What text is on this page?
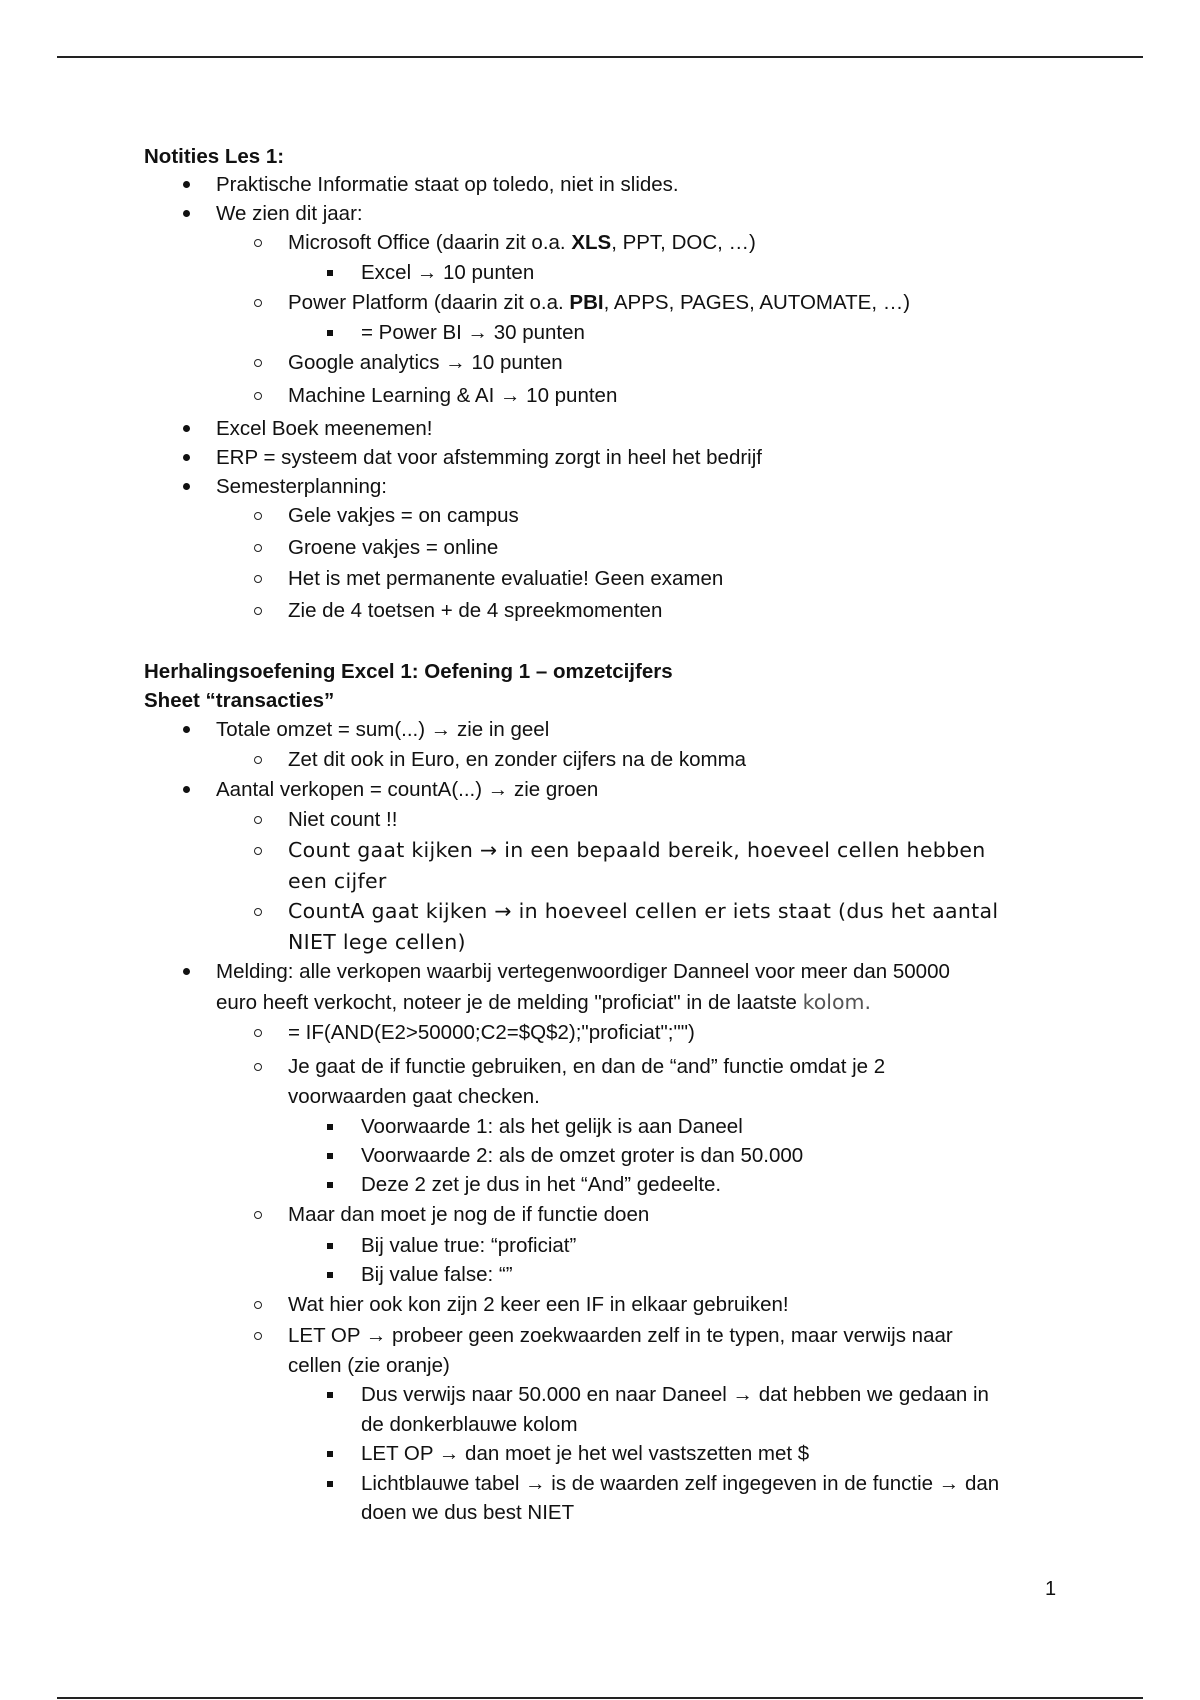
Notities Les 1:
Praktische Informatie staat op toledo, niet in slides.
We zien dit jaar:
Microsoft Office (daarin zit o.a. XLS, PPT, DOC, …)
Excel → 10 punten
Power Platform (daarin zit o.a. PBI, APPS, PAGES, AUTOMATE, …)
= Power BI → 30 punten
Google analytics → 10 punten
Machine Learning & AI → 10 punten
Excel Boek meenemen!
ERP = systeem dat voor afstemming zorgt in heel het bedrijf
Semesterplanning:
Gele vakjes = on campus
Groene vakjes = online
Het is met permanente evaluatie! Geen examen
Zie de 4 toetsen + de 4 spreekmomenten
Herhalingsoefening Excel 1: Oefening 1 – omzetcijfers
Sheet “transacties”
Totale omzet = sum(...) → zie in geel
Zet dit ook in Euro, en zonder cijfers na de komma
Aantal verkopen = countA(...) → zie groen
Niet count !!
Count gaat kijken → in een bepaald bereik, hoeveel cellen hebben
een cijfer
CountA gaat kijken → in hoeveel cellen er iets staat (dus het aantal
NIET lege cellen)
Melding: alle verkopen waarbij vertegenwoordiger Danneel voor meer dan 50000
euro heeft verkocht, noteer je de melding "proficiat" in de laatste kolom.
= IF(AND(E2>50000;C2=$Q$2);"proficiat";"")
Je gaat de if functie gebruiken, en dan de “and” functie omdat je 2
voorwaarden gaat checken.
Voorwaarde 1: als het gelijk is aan Daneel
Voorwaarde 2: als de omzet groter is dan 50.000
Deze 2 zet je dus in het “And” gedeelte.
Maar dan moet je nog de if functie doen
Bij value true: “proficiat”
Bij value false: “”
Wat hier ook kon zijn 2 keer een IF in elkaar gebruiken!
LET OP → probeer geen zoekwaarden zelf in te typen, maar verwijs naar
cellen (zie oranje)
Dus verwijs naar 50.000 en naar Daneel → dat hebben we gedaan in
de donkerblauwe kolom
LET OP → dan moet je het wel vastszetten met $
Lichtblauwe tabel → is de waarden zelf ingegeven in de functie → dan
doen we dus best NIET
1
